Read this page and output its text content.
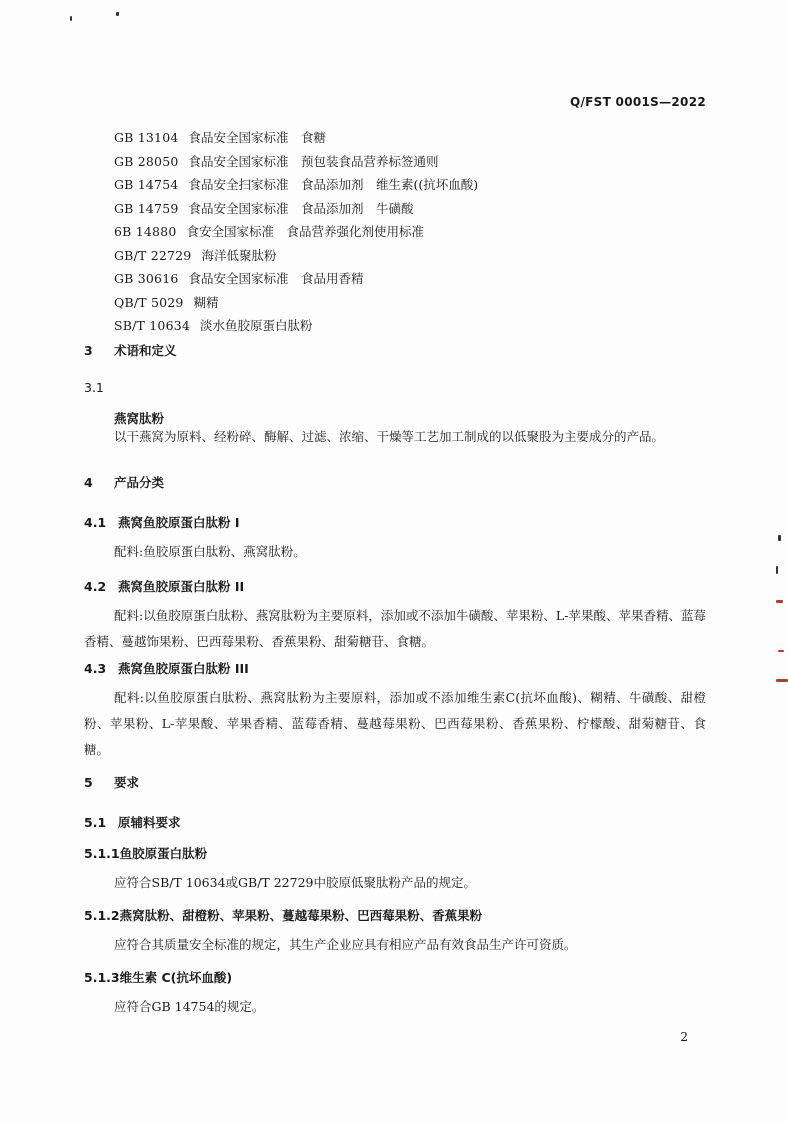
Q/FST 0001S—2022
GB 13104 食品安全国家标准　食糖
GB 28050 食品安全国家标准　预包装食品营养标签通则
GB 14754 食品安全扫家标准　食品添加剂　维生素((抗坏血酸)
GB 14759 食品安全国家标准　食品添加剂　牛磺酸
6B 14880 食安全国家标准　食品营养强化剂使用标准
GB/T 22729 海洋低聚肽粉
GB 30616 食品安全国家标准　食品用香精
QB/T 5029 糊精
SB/T 10634 淡水鱼胶原蛋白肽粉
3 术语和定义
3.1
燕窝肽粉
以干燕窝为原料、经粉碎、酶解、过滤、浓缩、干燥等工艺加工制成的以低聚股为主要成分的产品。
4 产品分类
4.1 燕窝鱼胶原蛋白肽粉 I
配料:鱼胶原蛋白肽粉、燕窝肽粉。
4.2 燕窝鱼胶原蛋白肽粉 II
配料:以鱼胶原蛋白肽粉、燕窝肽粉为主要原料，添加或不添加牛磺酸、苹果粉、L-苹果酸、苹果香精、蓝莓香精、蔓越饰果粉、巴西莓果粉、香蕉果粉、甜菊糖苷、食糖。
4.3 燕窝鱼胶原蛋白肽粉 III
配料:以鱼胶原蛋白肽粉、燕窝肽粉为主要原料，添加或不添加维生素C(抗坏血酸)、糊精、牛磺酸、甜橙粉、苹果粉、L-苹果酸、苹果香精、蓝莓香精、蔓越莓果粉、巴西莓果粉、香蕉果粉、柠檬酸、甜菊糖苷、食糖。
5 要求
5.1 原辅料要求
5.1.1鱼胶原蛋白肽粉
应符合SB/T 10634或GB/T 22729中胶原低聚肽粉产品的规定。
5.1.2燕窝肽粉、甜橙粉、苹果粉、蔓越莓果粉、巴西莓果粉、香蕉果粉
应符合其质量安全标准的规定，其生产企业应具有相应产品有效食品生产许可资质。
5.1.3维生素 C(抗坏血酸)
应符合GB 14754的规定。
2
